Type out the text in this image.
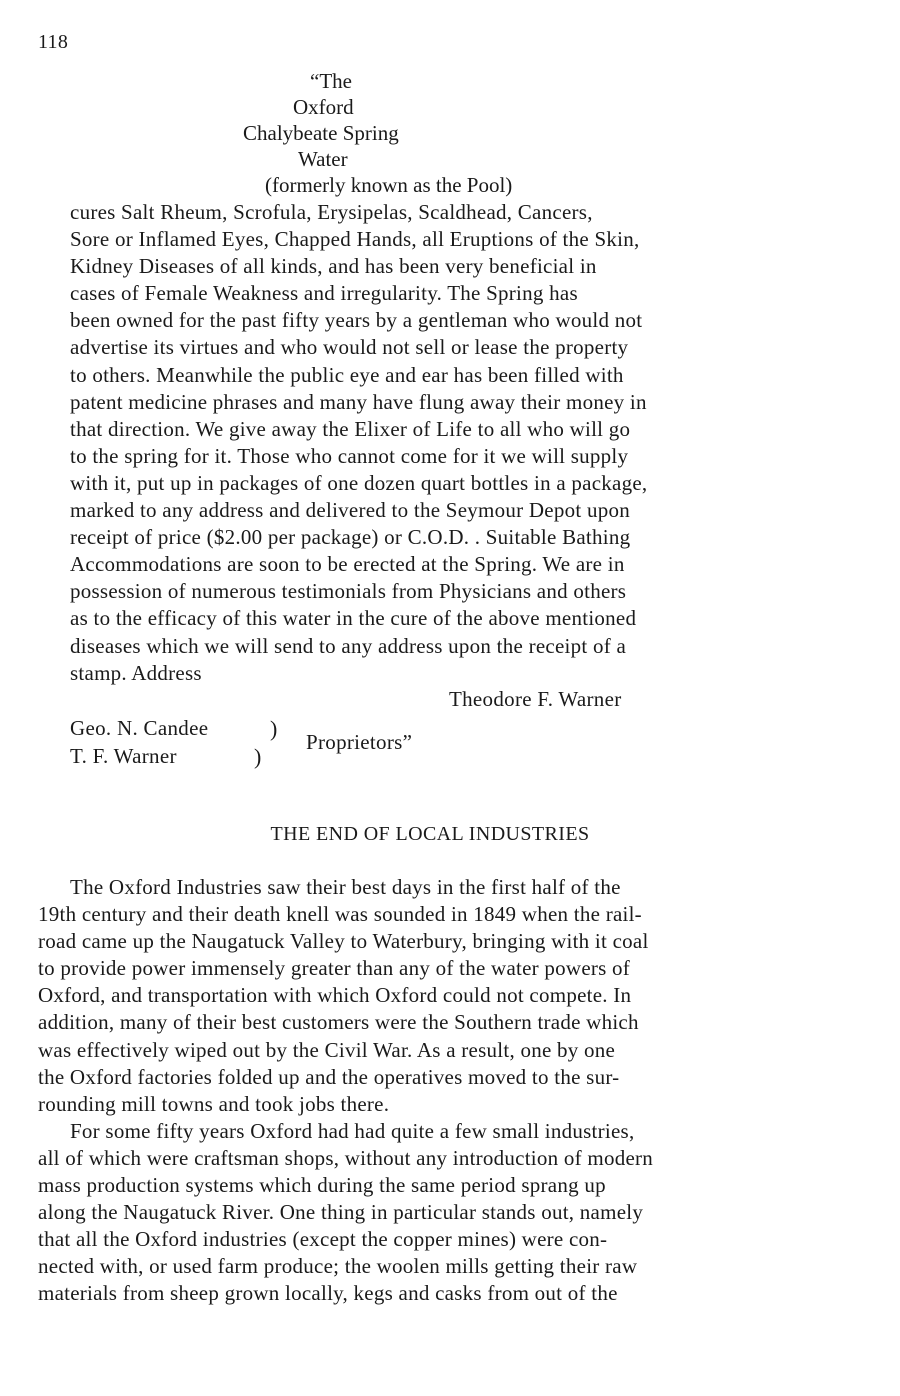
118
“The
Oxford
Chalybeate Spring
Water
(formerly known as the Pool)
cures Salt Rheum, Scrofula, Erysipelas, Scaldhead, Cancers,
Sore or Inflamed Eyes, Chapped Hands, all Eruptions of the Skin,
Kidney Diseases of all kinds, and has been very beneficial in
cases of Female Weakness and irregularity. The Spring has
been owned for the past fifty years by a gentleman who would not
advertise its virtues and who would not sell or lease the property
to others. Meanwhile the public eye and ear has been filled with
patent medicine phrases and many have flung away their money in
that direction. We give away the Elixer of Life to all who will go
to the spring for it. Those who cannot come for it we will supply
with it, put up in packages of one dozen quart bottles in a package,
marked to any address and delivered to the Seymour Depot upon
receipt of price ($2.00 per package) or C.O.D. . Suitable Bathing
Accommodations are soon to be erected at the Spring. We are in
possession of numerous testimonials from Physicians and others
as to the efficacy of this water in the cure of the above mentioned
diseases which we will send to any address upon the receipt of a
stamp. Address
Theodore F. Warner
Geo. N. Candee	)
T. F. Warner	)
Proprietors”
THE END OF LOCAL INDUSTRIES
The Oxford Industries saw their best days in the first half of the
19th century and their death knell was sounded in 1849 when the rail-
road came up the Naugatuck Valley to Waterbury, bringing with it coal
to provide power immensely greater than any of the water powers of
Oxford, and transportation with which Oxford could not compete. In
addition, many of their best customers were the Southern trade which
was effectively wiped out by the Civil War. As a result, one by one
the Oxford factories folded up and the operatives moved to the sur-
rounding mill towns and took jobs there.
For some fifty years Oxford had had quite a few small industries,
all of which were craftsman shops, without any introduction of modern
mass production systems which during the same period sprang up
along the Naugatuck River. One thing in particular stands out, namely
that all the Oxford industries (except the copper mines) were con-
nected with, or used farm produce; the woolen mills getting their raw
materials from sheep grown locally, kegs and casks from out of the
